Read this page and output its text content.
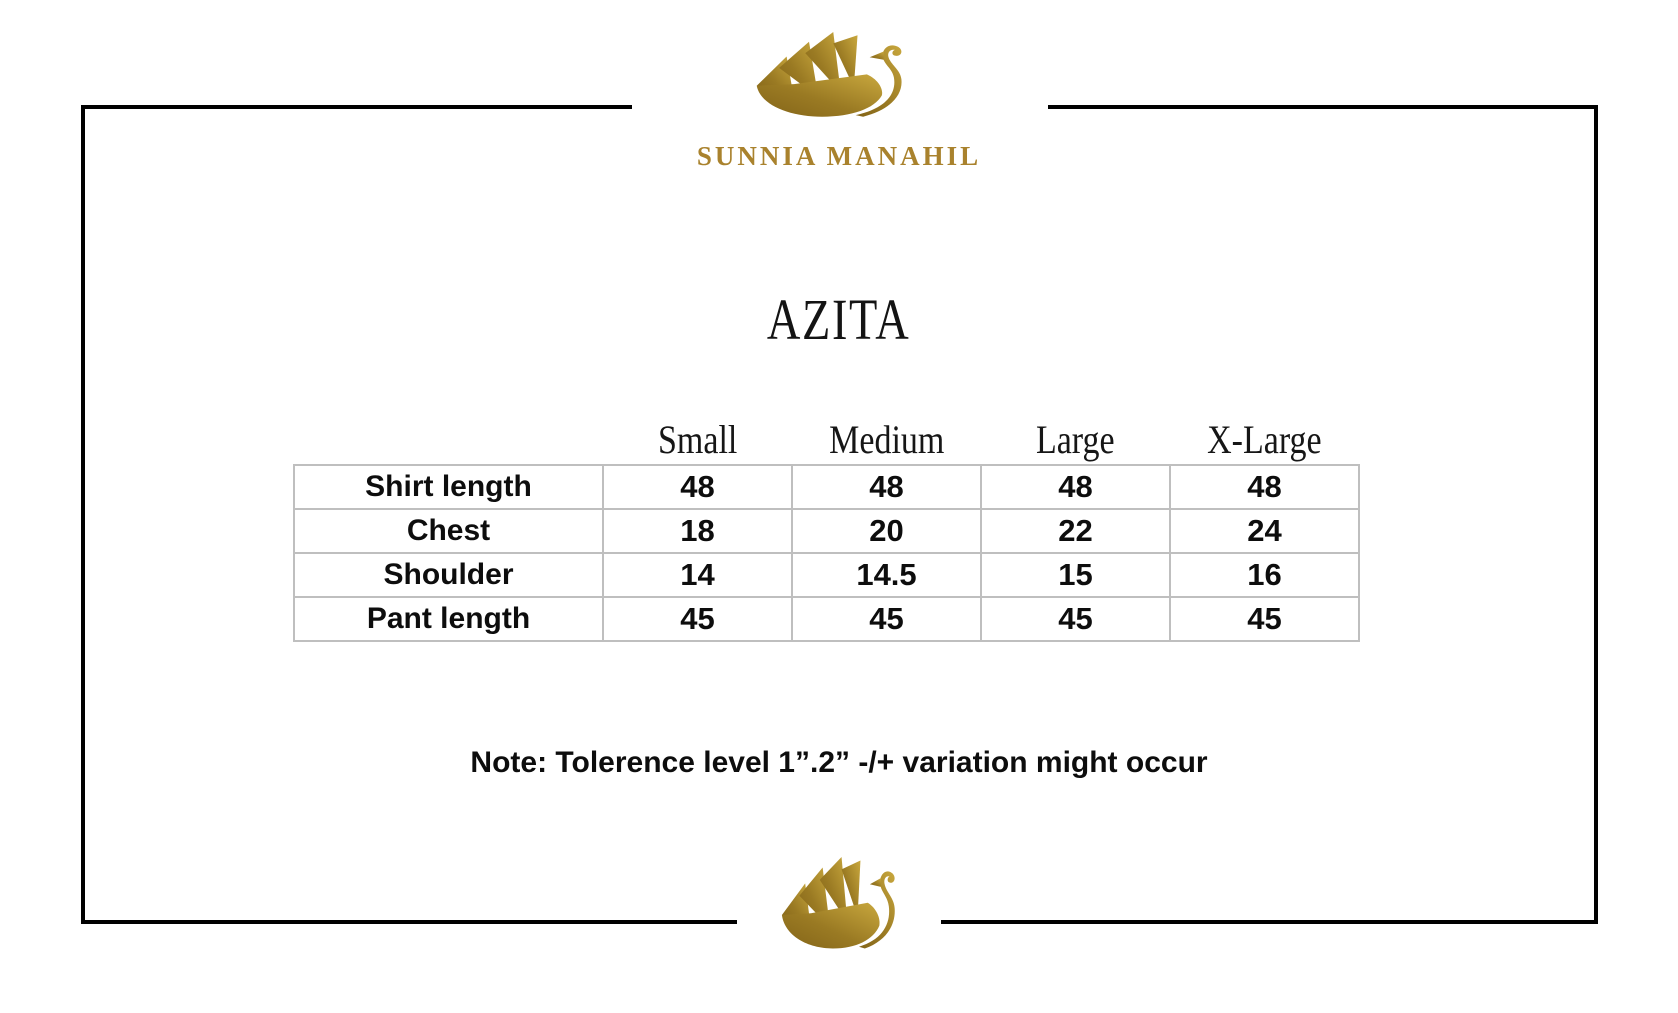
SUNNIA MANAHIL
AZITA
	Small	Medium	Large	X-Large
Shirt length	48	48	48	48
Chest	18	20	22	24
Shoulder	14	14.5	15	16
Pant length	45	45	45	45
Note: Tolerence level 1”.2” -/+ variation might occur
